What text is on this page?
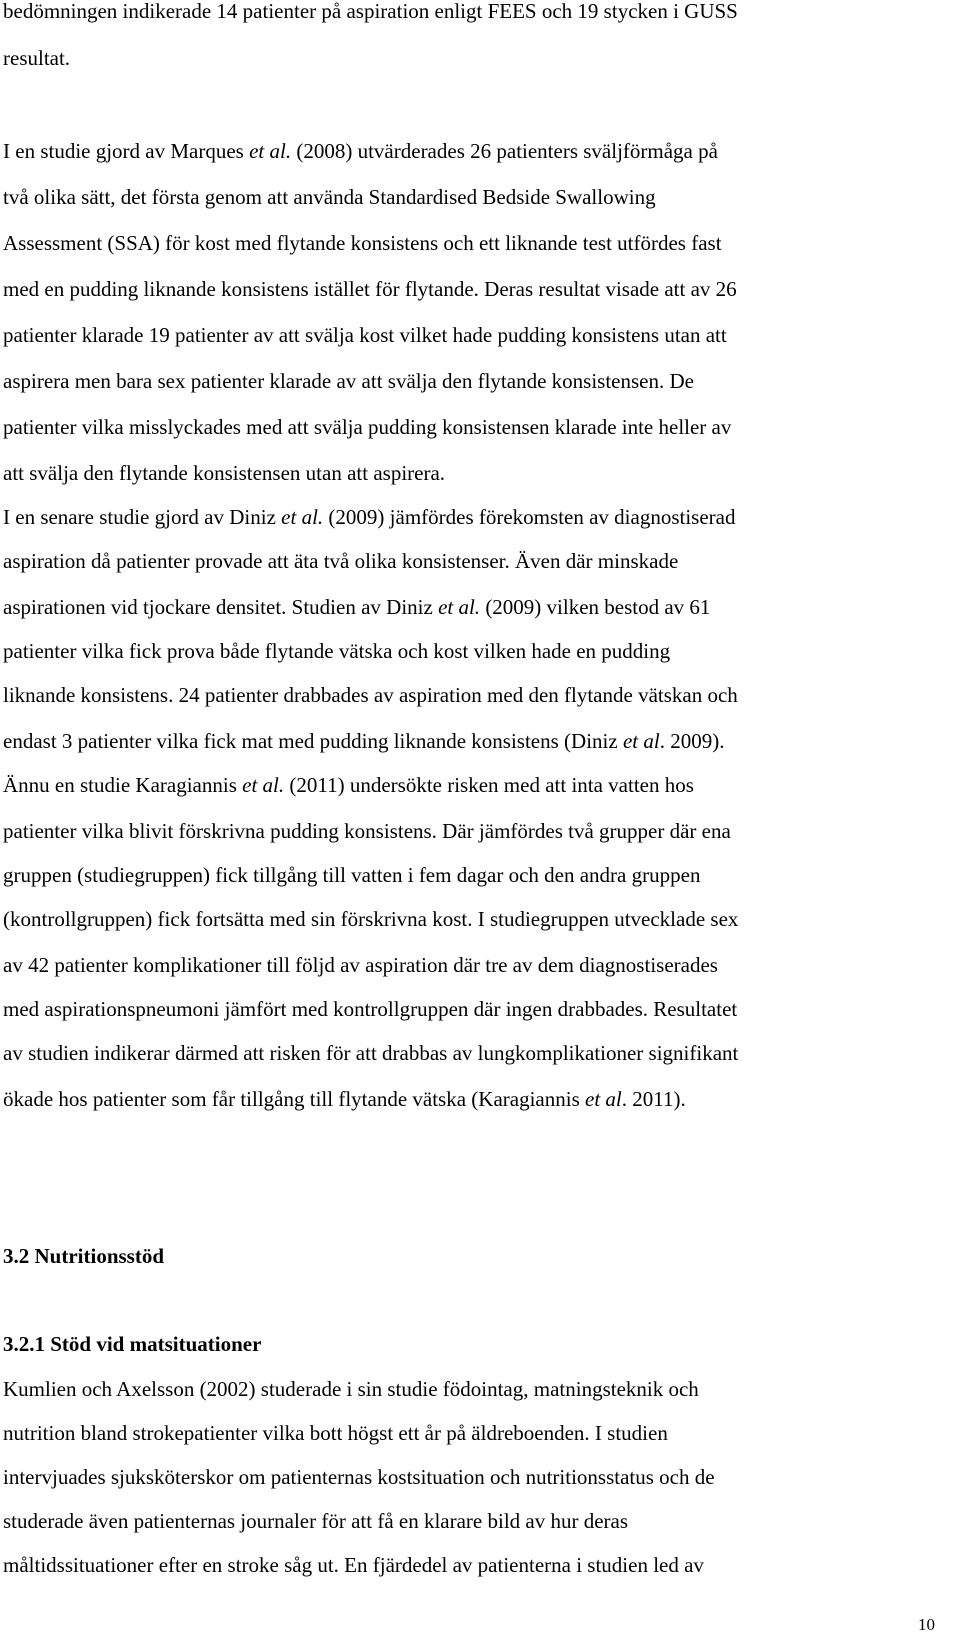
bedömningen indikerade 14 patienter på aspiration enligt FEES och 19 stycken i GUSS
resultat.
I en studie gjord av Marques et al. (2008) utvärderades 26 patienters sväljförmåga på
två olika sätt, det första genom att använda Standardised Bedside Swallowing
Assessment (SSA) för kost med flytande konsistens och ett liknande test utfördes fast
med en pudding liknande konsistens istället för flytande. Deras resultat visade att av 26
patienter klarade 19 patienter av att svälja kost vilket hade pudding konsistens utan att
aspirera men bara sex patienter klarade av att svälja den flytande konsistensen. De
patienter vilka misslyckades med att svälja pudding konsistensen klarade inte heller av
att svälja den flytande konsistensen utan att aspirera.
I en senare studie gjord av Diniz et al. (2009) jämfördes förekomsten av diagnostiserad
aspiration då patienter provade att äta två olika konsistenser. Även där minskade
aspirationen vid tjockare densitet. Studien av Diniz et al. (2009) vilken bestod av 61
patienter vilka fick prova både flytande vätska och kost vilken hade en pudding
liknande konsistens. 24 patienter drabbades av aspiration med den flytande vätskan och
endast 3 patienter vilka fick mat med pudding liknande konsistens (Diniz et al. 2009).
Ännu en studie Karagiannis et al. (2011) undersökte risken med att inta vatten hos
patienter vilka blivit förskrivna pudding konsistens. Där jämfördes två grupper där ena
gruppen (studiegruppen) fick tillgång till vatten i fem dagar och den andra gruppen
(kontrollgruppen) fick fortsätta med sin förskrivna kost. I studiegruppen utvecklade sex
av 42 patienter komplikationer till följd av aspiration där tre av dem diagnostiserades
med aspirationspneumoni jämfört med kontrollgruppen där ingen drabbades. Resultatet
av studien indikerar därmed att risken för att drabbas av lungkomplikationer signifikant
ökade hos patienter som får tillgång till flytande vätska (Karagiannis et al. 2011).
3.2 Nutritionsstöd
3.2.1 Stöd vid matsituationer
Kumlien och Axelsson (2002) studerade i sin studie födointag, matningsteknik och
nutrition bland strokepatienter vilka bott högst ett år på äldreboenden. I studien
intervjuades sjuksköterskor om patienternas kostsituation och nutritionsstatus och de
studerade även patienternas journaler för att få en klarare bild av hur deras
måltidssituationer efter en stroke såg ut. En fjärdedel av patienterna i studien led av
10
